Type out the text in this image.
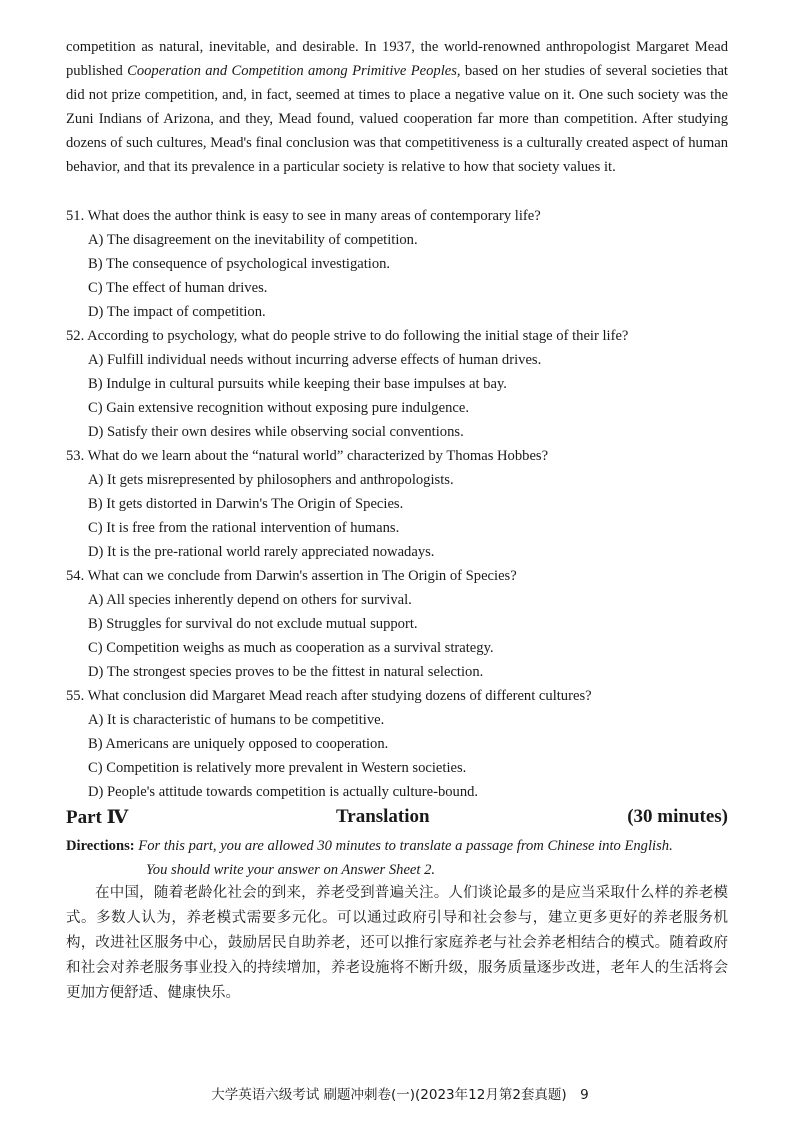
competition as natural, inevitable, and desirable. In 1937, the world-renowned anthropologist Margaret Mead published Cooperation and Competition among Primitive Peoples, based on her studies of several societies that did not prize competition, and, in fact, seemed at times to place a negative value on it. One such society was the Zuni Indians of Arizona, and they, Mead found, valued cooperation far more than competition. After studying dozens of such cultures, Mead's final conclusion was that competitiveness is a culturally created aspect of human behavior, and that its prevalence in a particular society is relative to how that society values it.

51. What does the author think is easy to see in many areas of contemporary life?
A) The disagreement on the inevitability of competition.
B) The consequence of psychological investigation.
C) The effect of human drives.
D) The impact of competition.
52. According to psychology, what do people strive to do following the initial stage of their life?
A) Fulfill individual needs without incurring adverse effects of human drives.
B) Indulge in cultural pursuits while keeping their base impulses at bay.
C) Gain extensive recognition without exposing pure indulgence.
D) Satisfy their own desires while observing social conventions.
53. What do we learn about the “natural world” characterized by Thomas Hobbes?
A) It gets misrepresented by philosophers and anthropologists.
B) It gets distorted in Darwin's The Origin of Species.
C) It is free from the rational intervention of humans.
D) It is the pre-rational world rarely appreciated nowadays.
54. What can we conclude from Darwin's assertion in The Origin of Species?
A) All species inherently depend on others for survival.
B) Struggles for survival do not exclude mutual support.
C) Competition weighs as much as cooperation as a survival strategy.
D) The strongest species proves to be the fittest in natural selection.
55. What conclusion did Margaret Mead reach after studying dozens of different cultures?
A) It is characteristic of humans to be competitive.
B) Americans are uniquely opposed to cooperation.
C) Competition is relatively more prevalent in Western societies.
D) People's attitude towards competition is actually culture-bound.
Part Ⅳ	Translation	(30 minutes)
Directions: For this part, you are allowed 30 minutes to translate a passage from Chinese into English.
You should write your answer on Answer Sheet 2.

在中国，随着老龄化社会的到来，养老受到普遍关注。人们谈论最多的是应当采取什么样的养老模式。多数人认为，养老模式需要多元化。可以通过政府引导和社会参与，建立更多更好的养老服务机构，改进社区服务中心，鼓励居民自助养老，还可以推行家庭养老与社会养老相结合的模式。随着政府和社会对养老服务事业投入的持续增加，养老设施将不断升级，服务质量逐步改进，老年人的生活将会更加方便舒适、健康快乐。

大学英语六级考试 刷题冲刺卷(一)(2023年12月第2套真题)　9
